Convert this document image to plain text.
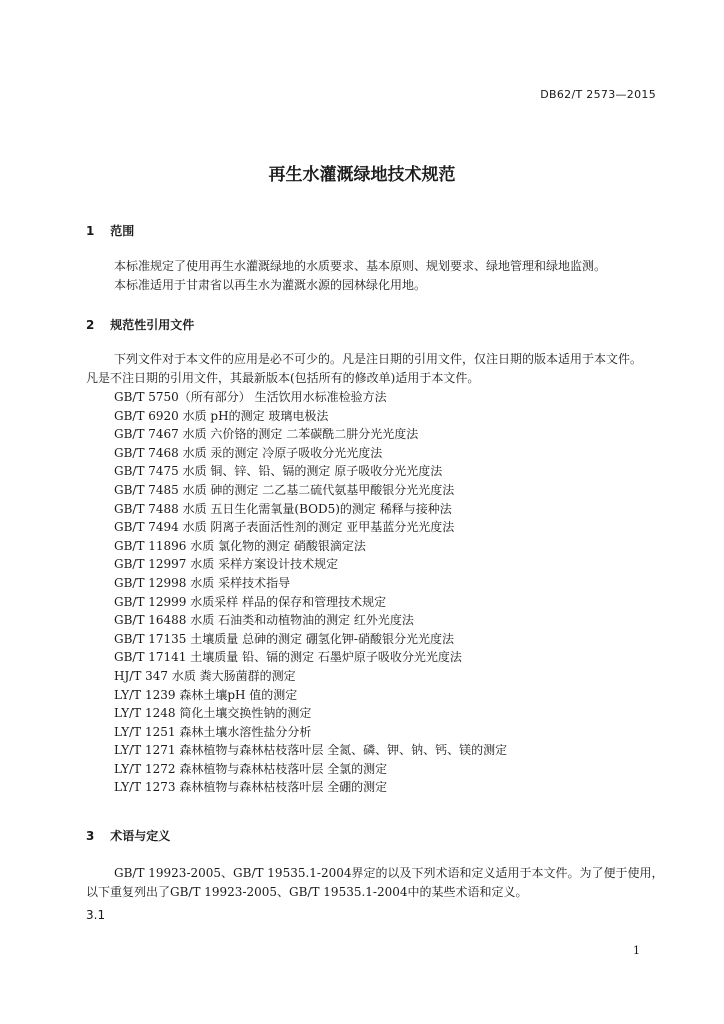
DB62/T 2573—2015
再生水灌溉绿地技术规范
1 范围
本标准规定了使用再生水灌溉绿地的水质要求、基本原则、规划要求、绿地管理和绿地监测。
本标准适用于甘肃省以再生水为灌溉水源的园林绿化用地。
2 规范性引用文件
下列文件对于本文件的应用是必不可少的。凡是注日期的引用文件，仅注日期的版本适用于本文件。
凡是不注日期的引用文件，其最新版本(包括所有的修改单)适用于本文件。
GB/T 5750（所有部分） 生活饮用水标准检验方法
GB/T 6920 水质 pH的测定 玻璃电极法
GB/T 7467 水质 六价铬的测定 二苯碳酰二肼分光光度法
GB/T 7468 水质 汞的测定 冷原子吸收分光光度法
GB/T 7475 水质 铜、锌、铅、镉的测定 原子吸收分光光度法
GB/T 7485 水质 砷的测定 二乙基二硫代氨基甲酸银分光光度法
GB/T 7488 水质 五日生化需氧量(BOD5)的测定 稀释与接种法
GB/T 7494 水质 阴离子表面活性剂的测定 亚甲基蓝分光光度法
GB/T 11896 水质 氯化物的测定 硝酸银滴定法
GB/T 12997 水质 采样方案设计技术规定
GB/T 12998 水质 采样技术指导
GB/T 12999 水质采样 样品的保存和管理技术规定
GB/T 16488 水质 石油类和动植物油的测定 红外光度法
GB/T 17135 土壤质量 总砷的测定 硼氢化钾-硝酸银分光光度法
GB/T 17141 土壤质量 铅、镉的测定 石墨炉原子吸收分光光度法
HJ/T 347 水质 粪大肠菌群的测定
LY/T 1239 森林土壤pH 值的测定
LY/T 1248 简化土壤交换性钠的测定
LY/T 1251 森林土壤水溶性盐分分析
LY/T 1271 森林植物与森林枯枝落叶层 全氮、磷、钾、钠、钙、镁的测定
LY/T 1272 森林植物与森林枯枝落叶层 全氯的测定
LY/T 1273 森林植物与森林枯枝落叶层 全硼的测定
3 术语与定义
GB/T 19923-2005、GB/T 19535.1-2004界定的以及下列术语和定义适用于本文件。为了便于使用，
以下重复列出了GB/T 19923-2005、GB/T 19535.1-2004中的某些术语和定义。
3.1
1
